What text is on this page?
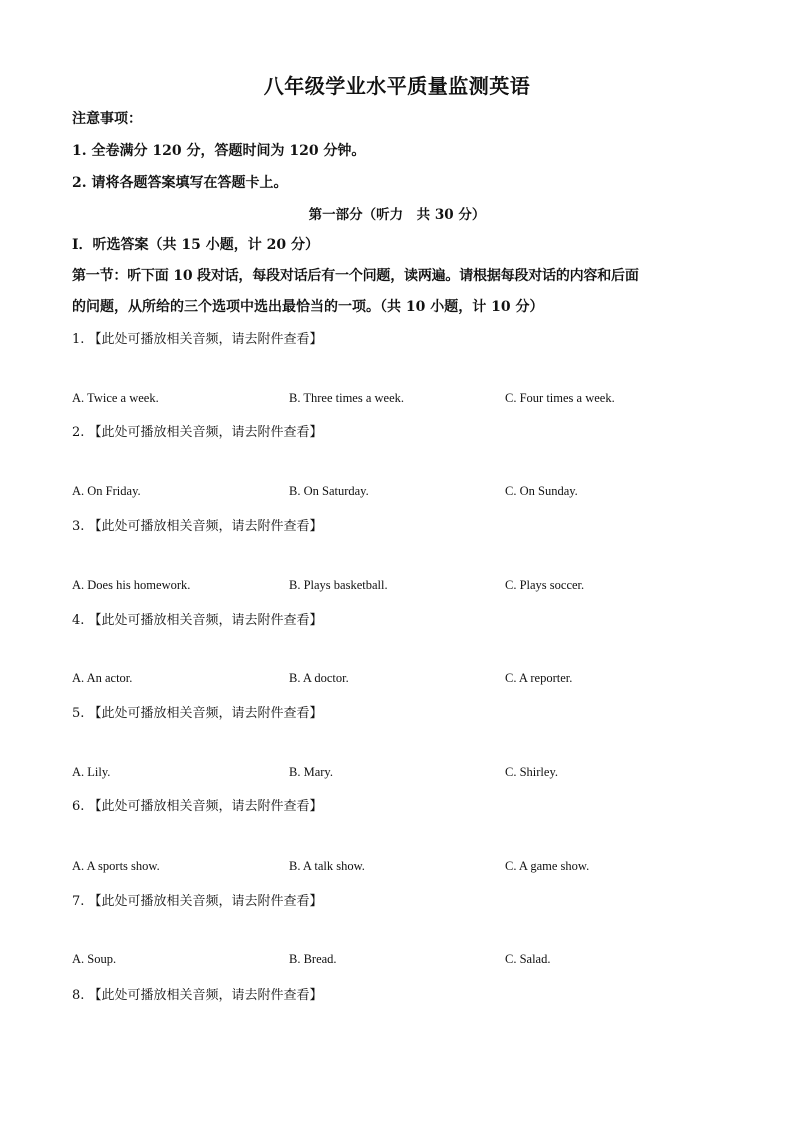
八年级学业水平质量监测英语
注意事项：
1. 全卷满分 120 分，答题时间为 120 分钟。
2. 请将各题答案填写在答题卡上。
第一部分（听力　共 30 分）
Ⅰ．听选答案（共 15 小题，计 20 分）
第一节：听下面 10 段对话，每段对话后有一个问题，读两遍。请根据每段对话的内容和后面
的问题，从所给的三个选项中选出最恰当的一项。（共 10 小题，计 10 分）
1. 【此处可播放相关音频，请去附件查看】
A. Twice a week.	B. Three times a week.	C. Four times a week.
2. 【此处可播放相关音频，请去附件查看】
A. On Friday.	B. On Saturday.	C. On Sunday.
3. 【此处可播放相关音频，请去附件查看】
A. Does his homework.	B. Plays basketball.	C. Plays soccer.
4. 【此处可播放相关音频，请去附件查看】
A. An actor.	B. A doctor.	C. A reporter.
5. 【此处可播放相关音频，请去附件查看】
A. Lily.	B. Mary.	C. Shirley.
6. 【此处可播放相关音频，请去附件查看】
A. A sports show.	B. A talk show.	C. A game show.
7. 【此处可播放相关音频，请去附件查看】
A. Soup.	B. Bread.	C. Salad.
8. 【此处可播放相关音频，请去附件查看】
